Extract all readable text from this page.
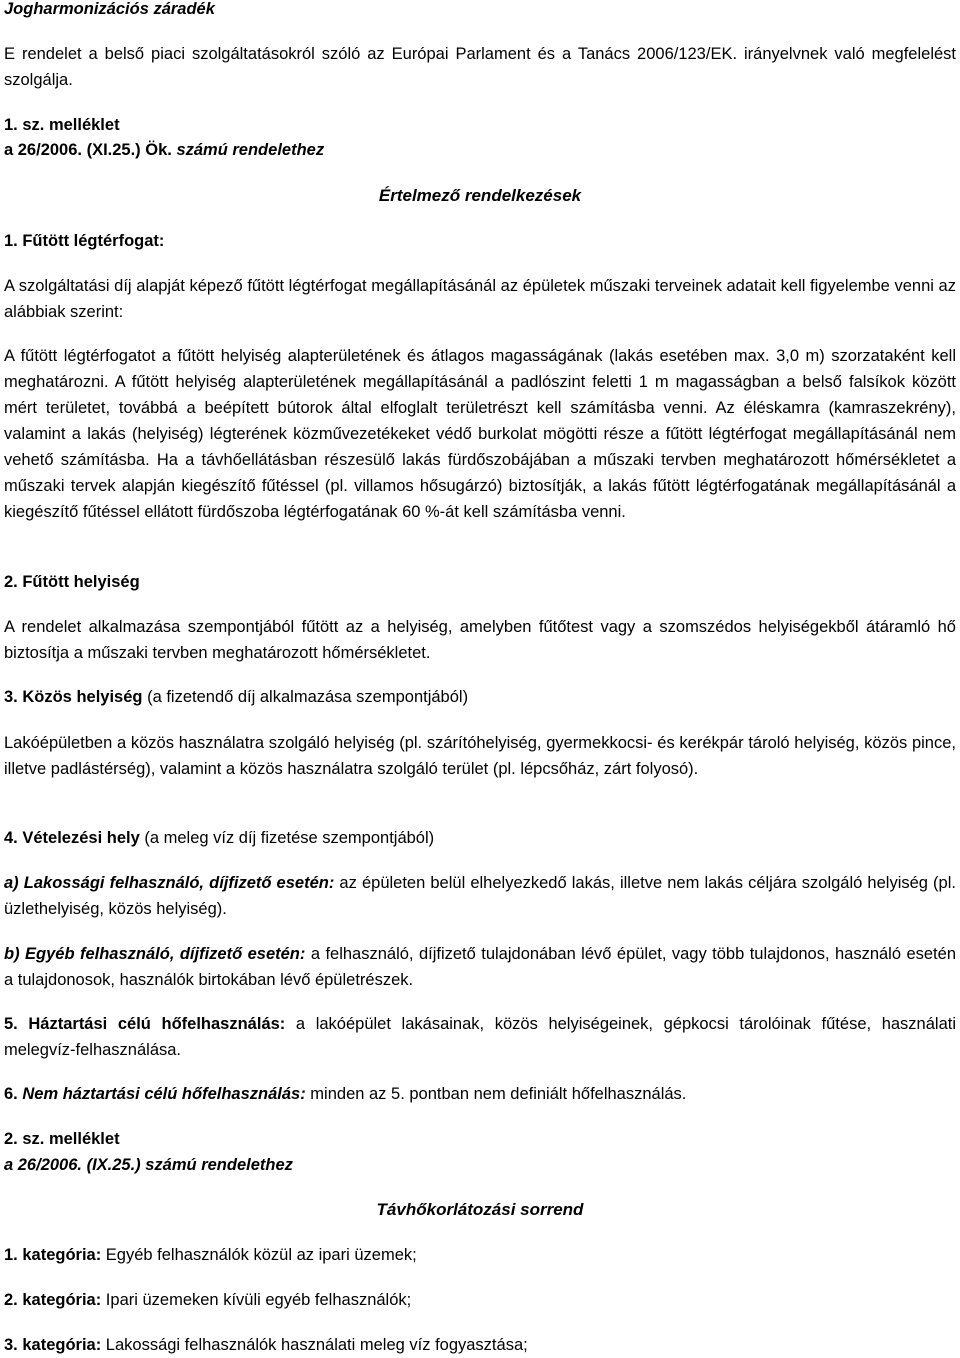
Jogharmonizációs záradék
E rendelet a belső piaci szolgáltatásokról szóló az Európai Parlament és a Tanács 2006/123/EK. irányelvnek való megfelelést szolgálja.
1. sz. melléklet
a 26/2006. (XI.25.) Ök. számú rendelethez
Értelmező rendelkezések
1. Fűtött légtérfogat:
A szolgáltatási díj alapját képező fűtött légtérfogat megállapításánál az épületek műszaki terveinek adatait kell figyelembe venni az alábbiak szerint:
A fűtött légtérfogatot a fűtött helyiség alapterületének és átlagos magasságának (lakás esetében max. 3,0 m) szorzataként kell meghatározni. A fűtött helyiség alapterületének megállapításánál a padlószint feletti 1 m magasságban a belső falsíkok között mért területet, továbbá a beépített bútorok által elfoglalt területrészt kell számításba venni. Az éléskamra (kamraszekrény), valamint a lakás (helyiség) légterének közművezetékeket védő burkolat mögötti része a fűtött légtérfogat megállapításánál nem vehető számításba. Ha a távhőellátásban részesülő lakás fürdőszobájában a műszaki tervben meghatározott hőmérsékletet a műszaki tervek alapján kiegészítő fűtéssel (pl. villamos hősugárzó) biztosítják, a lakás fűtött légtérfogatának megállapításánál a kiegészítő fűtéssel ellátott fürdőszoba légtérfogatának 60 %-át kell számításba venni.
2. Fűtött helyiség
A rendelet alkalmazása szempontjából fűtött az a helyiség, amelyben fűtőtest vagy a szomszédos helyiségekből átáramló hő biztosítja a műszaki tervben meghatározott hőmérsékletet.
3. Közös helyiség (a fizetendő díj alkalmazása szempontjából)
Lakóépületben a közös használatra szolgáló helyiség (pl. szárítóhelyiség, gyermekkocsi- és kerékpár tároló helyiség, közös pince, illetve padlástérség), valamint a közös használatra szolgáló terület (pl. lépcsőház, zárt folyosó).
4. Vételezési hely (a meleg víz díj fizetése szempontjából)
a) Lakossági felhasználó, díjfizető esetén: az épületen belül elhelyezkedő lakás, illetve nem lakás céljára szolgáló helyiség (pl. üzlethelyiség, közös helyiség).
b) Egyéb felhasználó, díjfizető esetén: a felhasználó, díjfizető tulajdonában lévő épület, vagy több tulajdonos, használó esetén a tulajdonosok, használók birtokában lévő épületrészek.
5. Háztartási célú hőfelhasználás: a lakóépület lakásainak, közös helyiségeinek, gépkocsi tárolóinak fűtése, használati melegvíz-felhasználása.
6. Nem háztartási célú hőfelhasználás: minden az 5. pontban nem definiált hőfelhasználás.
2. sz. melléklet
a 26/2006. (IX.25.) számú rendelethez
Távhőkorlátozási sorrend
1. kategória: Egyéb felhasználók közül az ipari üzemek;
2. kategória: Ipari üzemeken kívüli egyéb felhasználók;
3. kategória: Lakossági felhasználók használati meleg víz fogyasztása;
